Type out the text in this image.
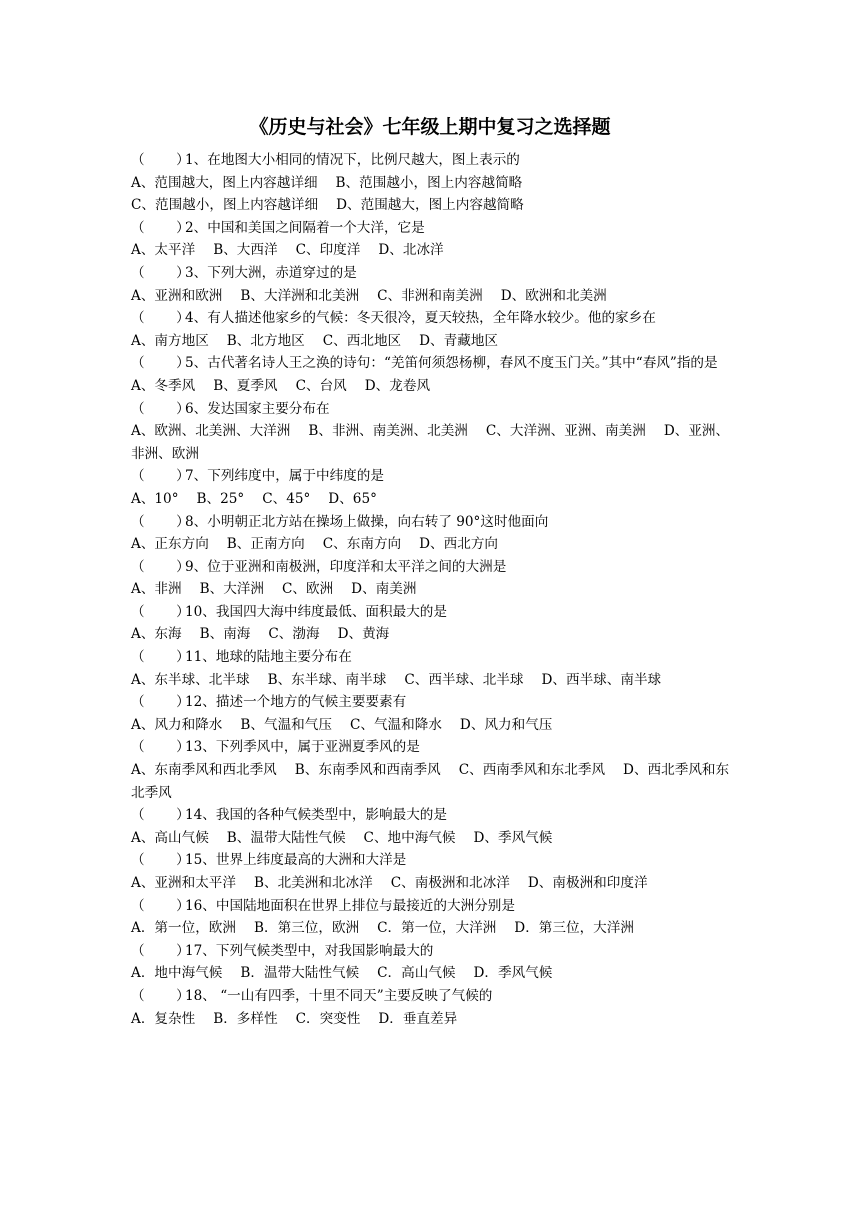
《历史与社会》七年级上期中复习之选择题
（　　 ）1、在地图大小相同的情况下，比例尺越大，图上表示的
A、范围越大，图上内容越详细 B、范围越小，图上内容越简略
C、范围越小，图上内容越详细 D、范围越大，图上内容越简略
（　　 ）2、中国和美国之间隔着一个大洋，它是
A、太平洋 B、大西洋 C、印度洋 D、北冰洋
（　　 ）3、下列大洲，赤道穿过的是
A、亚洲和欧洲 B、大洋洲和北美洲 C、非洲和南美洲 D、欧洲和北美洲
（　　 ）4、有人描述他家乡的气候：冬天很冷，夏天较热，全年降水较少。他的家乡在
A、南方地区 B、北方地区 C、西北地区 D、青藏地区
（　　 ）5、古代著名诗人王之涣的诗句：“羌笛何须怨杨柳，春风不度玉门关。”其中“春风”指的是
A、冬季风 B、夏季风 C、台风 D、龙卷风
（　　 ）6、发达国家主要分布在
A、欧洲、北美洲、大洋洲 B、非洲、南美洲、北美洲 C、大洋洲、亚洲、南美洲 D、亚洲、非洲、欧洲
（　　 ）7、下列纬度中，属于中纬度的是
A、10° B、25° C、45° D、65°
（　　 ）8、小明朝正北方站在操场上做操，向右转了 90°这时他面向
A、正东方向 B、正南方向 C、东南方向 D、西北方向
（　　 ）9、位于亚洲和南极洲，印度洋和太平洋之间的大洲是
A、非洲 B、大洋洲 C、欧洲 D、南美洲
（　　 ）10、我国四大海中纬度最低、面积最大的是
A、东海 B、南海 C、渤海 D、黄海
（　　 ）11、地球的陆地主要分布在
A、东半球、北半球 B、东半球、南半球 C、西半球、北半球 D、西半球、南半球
（　　 ）12、描述一个地方的气候主要要素有
A、风力和降水 B、气温和气压 C、气温和降水 D、风力和气压
（　　 ）13、下列季风中，属于亚洲夏季风的是
A、东南季风和西北季风 B、东南季风和西南季风 C、西南季风和东北季风 D、西北季风和东北季风
（　　 ）14、我国的各种气候类型中，影响最大的是
A、高山气候 B、温带大陆性气候 C、地中海气候 D、季风气候
（　　 ）15、世界上纬度最高的大洲和大洋是
A、亚洲和太平洋 B、北美洲和北冰洋 C、南极洲和北冰洋 D、南极洲和印度洋
（　　 ）16、中国陆地面积在世界上排位与最接近的大洲分别是
A．第一位，欧洲 B．第三位，欧洲 C．第一位，大洋洲 D．第三位，大洋洲
（　　 ）17、下列气候类型中，对我国影响最大的
A．地中海气候 B．温带大陆性气候 C．高山气候 D．季风气候
（　　 ）18、 “一山有四季，十里不同天”主要反映了气候的
A．复杂性 B．多样性 C．突变性 D．垂直差异
